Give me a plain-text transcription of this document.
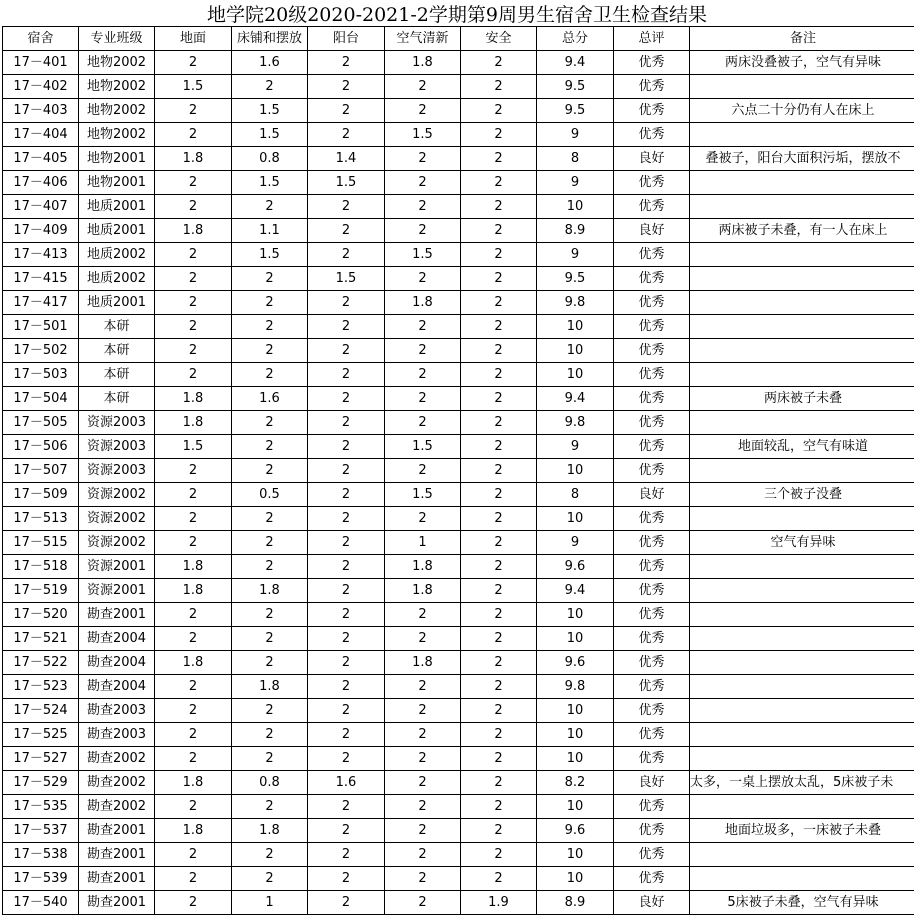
地学院20级2020-2021-2学期第9周男生宿舍卫生检查结果
宿舍	专业班级	地面	床铺和摆放	阳台	空气清新	安全	总分	总评	备注
17－401	地物2002	2	1.6	2	1.8	2	9.4	优秀	两床没叠被子，空气有异味
17－402	地物2002	1.5	2	2	2	2	9.5	优秀	
17－403	地物2002	2	1.5	2	2	2	9.5	优秀	六点二十分仍有人在床上
17－404	地物2002	2	1.5	2	1.5	2	9	优秀	
17－405	地物2001	1.8	0.8	1.4	2	2	8	良好	叠被子，阳台大面积污垢，摆放不
17－406	地物2001	2	1.5	1.5	2	2	9	优秀	
17－407	地质2001	2	2	2	2	2	10	优秀	
17－409	地质2001	1.8	1.1	2	2	2	8.9	良好	两床被子未叠，有一人在床上
17－413	地质2002	2	1.5	2	1.5	2	9	优秀	
17－415	地质2002	2	2	1.5	2	2	9.5	优秀	
17－417	地质2001	2	2	2	1.8	2	9.8	优秀	
17－501	本研	2	2	2	2	2	10	优秀	
17－502	本研	2	2	2	2	2	10	优秀	
17－503	本研	2	2	2	2	2	10	优秀	
17－504	本研	1.8	1.6	2	2	2	9.4	优秀	两床被子未叠
17－505	资源2003	1.8	2	2	2	2	9.8	优秀	
17－506	资源2003	1.5	2	2	1.5	2	9	优秀	地面较乱，空气有味道
17－507	资源2003	2	2	2	2	2	10	优秀	
17－509	资源2002	2	0.5	2	1.5	2	8	良好	三个被子没叠
17－513	资源2002	2	2	2	2	2	10	优秀	
17－515	资源2002	2	2	2	1	2	9	优秀	空气有异味
17－518	资源2001	1.8	2	2	1.8	2	9.6	优秀	
17－519	资源2001	1.8	1.8	2	1.8	2	9.4	优秀	
17－520	勘查2001	2	2	2	2	2	10	优秀	
17－521	勘查2004	2	2	2	2	2	10	优秀	
17－522	勘查2004	1.8	2	2	1.8	2	9.6	优秀	
17－523	勘查2004	2	1.8	2	2	2	9.8	优秀	
17－524	勘查2003	2	2	2	2	2	10	优秀	
17－525	勘查2003	2	2	2	2	2	10	优秀	
17－527	勘查2002	2	2	2	2	2	10	优秀	
17－529	勘查2002	1.8	0.8	1.6	2	2	8.2	良好	太多，一桌上摆放太乱，5床被子未
17－535	勘查2002	2	2	2	2	2	10	优秀	
17－537	勘查2001	1.8	1.8	2	2	2	9.6	优秀	地面垃圾多，一床被子未叠
17－538	勘查2001	2	2	2	2	2	10	优秀	
17－539	勘查2001	2	2	2	2	2	10	优秀	
17－540	勘查2001	2	1	2	2	1.9	8.9	良好	5床被子未叠，空气有异味
